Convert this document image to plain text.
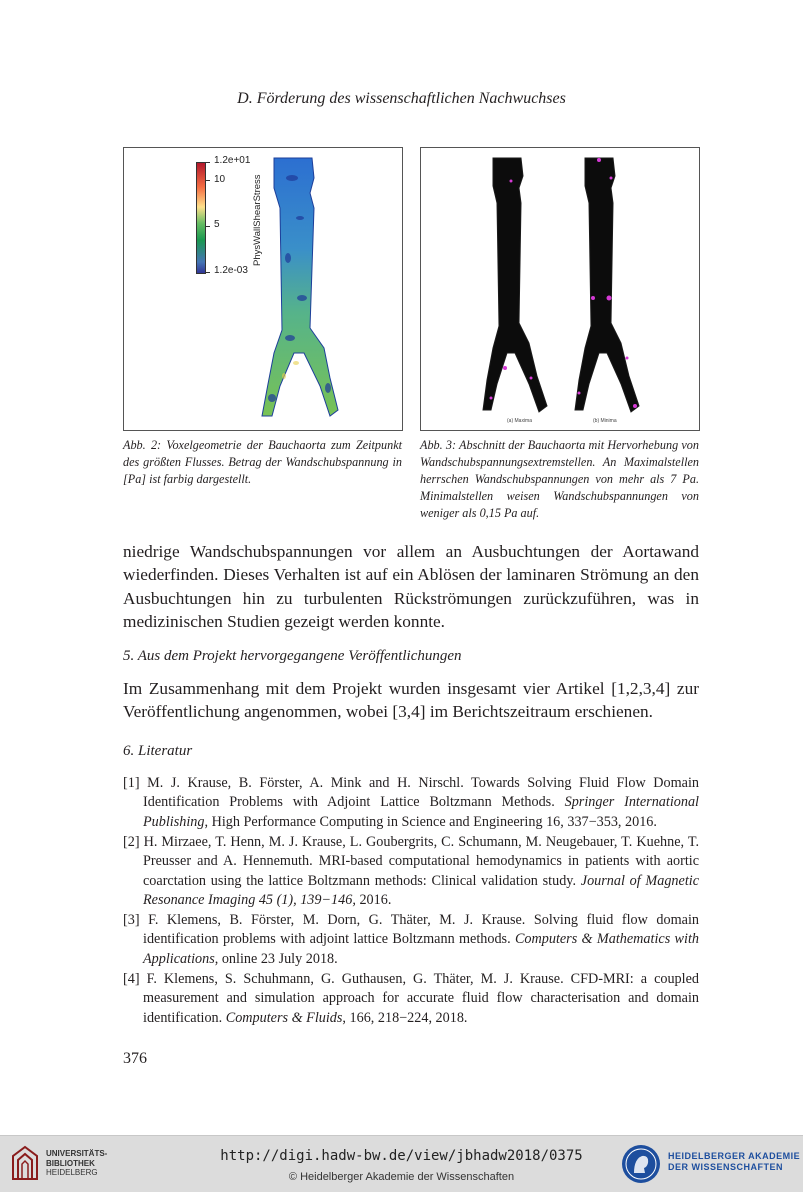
D. Förderung des wissenschaftlichen Nachwuchses
1.2e+01
10
5
1.2e-03
PhysWallShearStress
(a) Maxima	(b) Minima
Abb. 2: Voxelgeometrie der Bauchaorta zum Zeitpunkt des größten Flusses. Betrag der Wandschubspannung in [Pa] ist farbig dargestellt.
Abb. 3: Abschnitt der Bauchaorta mit Hervorhebung von Wandschubspannungsextremstellen. An Maximalstellen herrschen Wandschubspannungen von mehr als 7 Pa. Minimalstellen weisen Wandschubspannungen von weniger als 0,15 Pa auf.
niedrige Wandschubspannungen vor allem an Ausbuchtungen der Aortawand wiederfinden. Dieses Verhalten ist auf ein Ablösen der laminaren Strömung an den Ausbuchtungen hin zu turbulenten Rückströmungen zurückzuführen, was in medizinischen Studien gezeigt werden konnte.
5. Aus dem Projekt hervorgegangene Veröffentlichungen
Im Zusammenhang mit dem Projekt wurden insgesamt vier Artikel [1,2,3,4] zur Veröffentlichung angenommen, wobei [3,4] im Berichtszeitraum erschienen.
6. Literatur
[1] M. J. Krause, B. Förster, A. Mink and H. Nirschl. Towards Solving Fluid Flow Domain Identification Problems with Adjoint Lattice Boltzmann Methods. Springer International Publishing, High Performance Computing in Science and Engineering 16, 337−353, 2016.
[2] H. Mirzaee, T. Henn, M. J. Krause, L. Goubergrits, C. Schumann, M. Neugebauer, T. Kuehne, T. Preusser and A. Hennemuth. MRI-based computational hemodynamics in patients with aortic coarctation using the lattice Boltzmann methods: Clinical validation study. Journal of Magnetic Resonance Imaging 45 (1), 139−146, 2016.
[3] F. Klemens, B. Förster, M. Dorn, G. Thäter, M. J. Krause. Solving fluid flow domain identification problems with adjoint lattice Boltzmann methods. Computers & Mathematics with Applications, online 23 July 2018.
[4] F. Klemens, S. Schuhmann, G. Guthausen, G. Thäter, M. J. Krause. CFD-MRI: a coupled measurement and simulation approach for accurate fluid flow characterisation and domain identification. Computers & Fluids, 166, 218−224, 2018.
376
UNIVERSITÄTS-
BIBLIOTHEK
HEIDELBERG
http://digi.hadw-bw.de/view/jbhadw2018/0375
© Heidelberger Akademie der Wissenschaften
HEIDELBERGER AKADEMIE
DER WISSENSCHAFTEN
